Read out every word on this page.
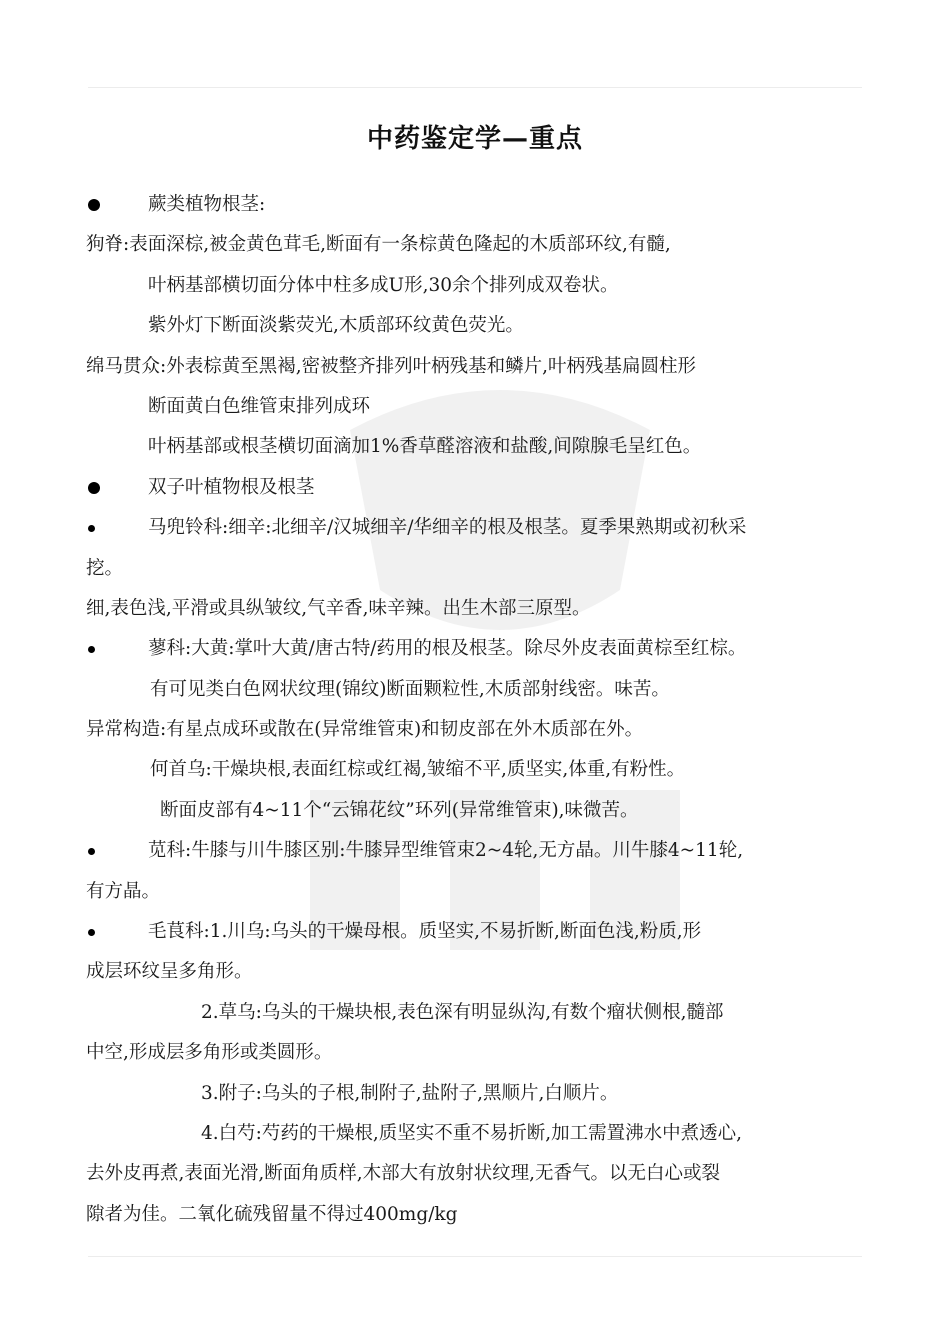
中药鉴定学—重点
蕨类植物根茎:
狗脊:表面深棕,被金黄色茸毛,断面有一条棕黄色隆起的木质部环纹,有髓,
叶柄基部横切面分体中柱多成U形,30余个排列成双卷状。
紫外灯下断面淡紫荧光,木质部环纹黄色荧光。
绵马贯众:外表棕黄至黑褐,密被整齐排列叶柄残基和鳞片,叶柄残基扁圆柱形
断面黄白色维管束排列成环
叶柄基部或根茎横切面滴加1%香草醛溶液和盐酸,间隙腺毛呈红色。
双子叶植物根及根茎
马兜铃科:细辛:北细辛/汉城细辛/华细辛的根及根茎。夏季果熟期或初秋采
挖。
细,表色浅,平滑或具纵皱纹,气辛香,味辛辣。出生木部三原型。
蓼科:大黄:掌叶大黄/唐古特/药用的根及根茎。除尽外皮表面黄棕至红棕。
有可见类白色网状纹理(锦纹)断面颗粒性,木质部射线密。味苦。
异常构造:有星点成环或散在(异常维管束)和韧皮部在外木质部在外。
何首乌:干燥块根,表面红棕或红褐,皱缩不平,质坚实,体重,有粉性。
断面皮部有4~11个“云锦花纹”环列(异常维管束),味微苦。
苋科:牛膝与川牛膝区别:牛膝异型维管束2~4轮,无方晶。川牛膝4~11轮,
有方晶。
毛茛科:1.川乌:乌头的干燥母根。质坚实,不易折断,断面色浅,粉质,形
成层环纹呈多角形。
2.草乌:乌头的干燥块根,表色深有明显纵沟,有数个瘤状侧根,髓部
中空,形成层多角形或类圆形。
3.附子:乌头的子根,制附子,盐附子,黑顺片,白顺片。
4.白芍:芍药的干燥根,质坚实不重不易折断,加工需置沸水中煮透心,
去外皮再煮,表面光滑,断面角质样,木部大有放射状纹理,无香气。以无白心或裂
隙者为佳。二氧化硫残留量不得过400mg/kg
